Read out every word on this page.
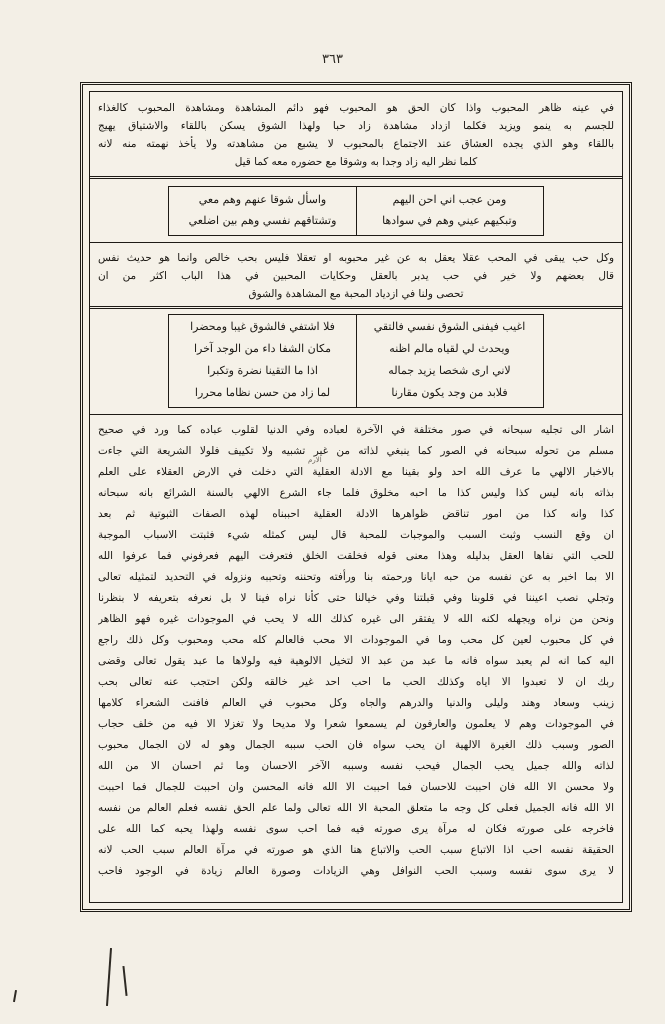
٣٦٣
في عينه ظاهر المحبوب واذا كان الحق هو المحبوب فهو دائم المشاهدة ومشاهدة المحبوب كالغذاء
للجسم به ينمو ويزيد فكلما ازداد مشاهدة زاد حبا ولهذا الشوق يسكن باللقاء والاشتياق يهيج
باللقاء وهو الذي يجده العشاق عند الاجتماع بالمحبوب لا يشبع من مشاهدته ولا يأخذ نهمته منه لانه
كلما نظر اليه زاد وجدا به وشوقا مع حضوره معه كما قيل
ومن عجب اني احن اليهم
وتبكيهم عيني وهم في سوادها
واسأل شوقا عنهم وهم معي
وتشتاقهم نفسي وهم بين اضلعي
وكل حب يبقى في المحب عقلا يعقل به عن غير محبوبه او تعقلا فليس بحب خالص وانما هو حديث نفس
قال بعضهم ولا خير في حب يدبر بالعقل وحكايات المحبين في هذا الباب اكثر من ان
تحصى ولنا في ازدياد المحبة مع المشاهدة والشوق
اغيب فيفنى الشوق نفسي فالتقي
ويحدث لي لقياه مالم اظنه
لاني ارى شخصا يزيد جماله
فلابد من وجد يكون مقارنا
فلا اشتفي فالشوق غيبا ومحضرا
مكان الشفا داء من الوجد آخرا
اذا ما التقينا نضرة وتكبرا
لما زاد من حسن نظاما محررا
اشار الى تجليه سبحانه في صور مختلفة في الآخرة لعباده وفي الدنيا لقلوب عباده كما ورد في صحيح
مسلم من تحوله سبحانه في الصور كما ينبغي لذاته من غير تشبيه ولا تكييف فلولا الشريعة التي جاءت
بالاخبار الالهي ما عرف الله احد ولو بقينا مع الادلة العقلية التي دخلت في الارض العقلاء على العلم
بذاته بانه ليس كذا وليس كذا ما احبه مخلوق فلما جاء الشرع الالهي بالسنة الشرائع بانه سبحانه
كذا وانه كذا من امور تناقض ظواهرها الادلة العقلية احببناه لهذه الصفات الثبوتية ثم بعد
ان وقع النسب وثبت السبب والموجبات للمحبة قال ليس كمثله شيء فثبتت الاسباب الموجبة
للحب التي نفاها العقل بدليله وهذا معنى قوله فخلقت الخلق فتعرفت اليهم فعرفوني فما عرفوا الله
الا بما اخبر به عن نفسه من حبه ايانا ورحمته بنا ورأفته وتحننه وتحببه ونزوله في التحديد لتمثيله تعالى
وتجلي نصب اعيننا في قلوبنا وفي قبلتنا وفي خيالنا حتى كأنا نراه فينا لا بل نعرفه بتعريفه لا بنظرنا
ونحن من نراه ويجهله لكنه الله لا يفتقر الى غيره كذلك الله لا يحب في الموجودات غيره فهو الظاهر
في كل محبوب لعين كل محب وما في الموجودات الا محب فالعالم كله محب ومحبوب وكل ذلك راجع
اليه كما انه لم يعبد سواه فانه ما عبد من عبد الا لتخيل الالوهية فيه ولولاها ما عبد يقول تعالى وقضى
ربك ان لا تعبدوا الا اياه وكذلك الحب ما احب احد غير خالقه ولكن احتجب عنه تعالى بحب
زينب وسعاد وهند وليلى والدنيا والدرهم والجاه وكل محبوب في العالم فافنت الشعراء كلامها
في الموجودات وهم لا يعلمون والعارفون لم يسمعوا شعرا ولا مديحا ولا تغزلا الا فيه من خلف حجاب
الصور وسبب ذلك الغيرة الالهية ان يحب سواه فان الحب سببه الجمال وهو له لان الجمال محبوب
لذاته والله جميل يحب الجمال فيحب نفسه وسببه الآخر الاحسان وما ثم احسان الا من الله
ولا محسن الا الله فان احببت للاحسان فما احببت الا الله فانه المحسن وان احببت للجمال فما احببت
الا الله فانه الجميل فعلى كل وجه ما متعلق المحبة الا الله تعالى ولما علم الحق نفسه فعلم العالم من نفسه
فاخرجه على صورته فكان له مرآة يرى صورته فيه فما احب سوى نفسه ولهذا يحبه كما الله على
الحقيقة نفسه احب اذا الاتباع سبب الحب والاتباع هنا الذي هو صورته في مرآة العالم سبب الحب لانه
لا يرى سوى نفسه وسبب الحب النوافل وهي الزيادات وصورة العالم زيادة في الوجود فاحب
الارم
